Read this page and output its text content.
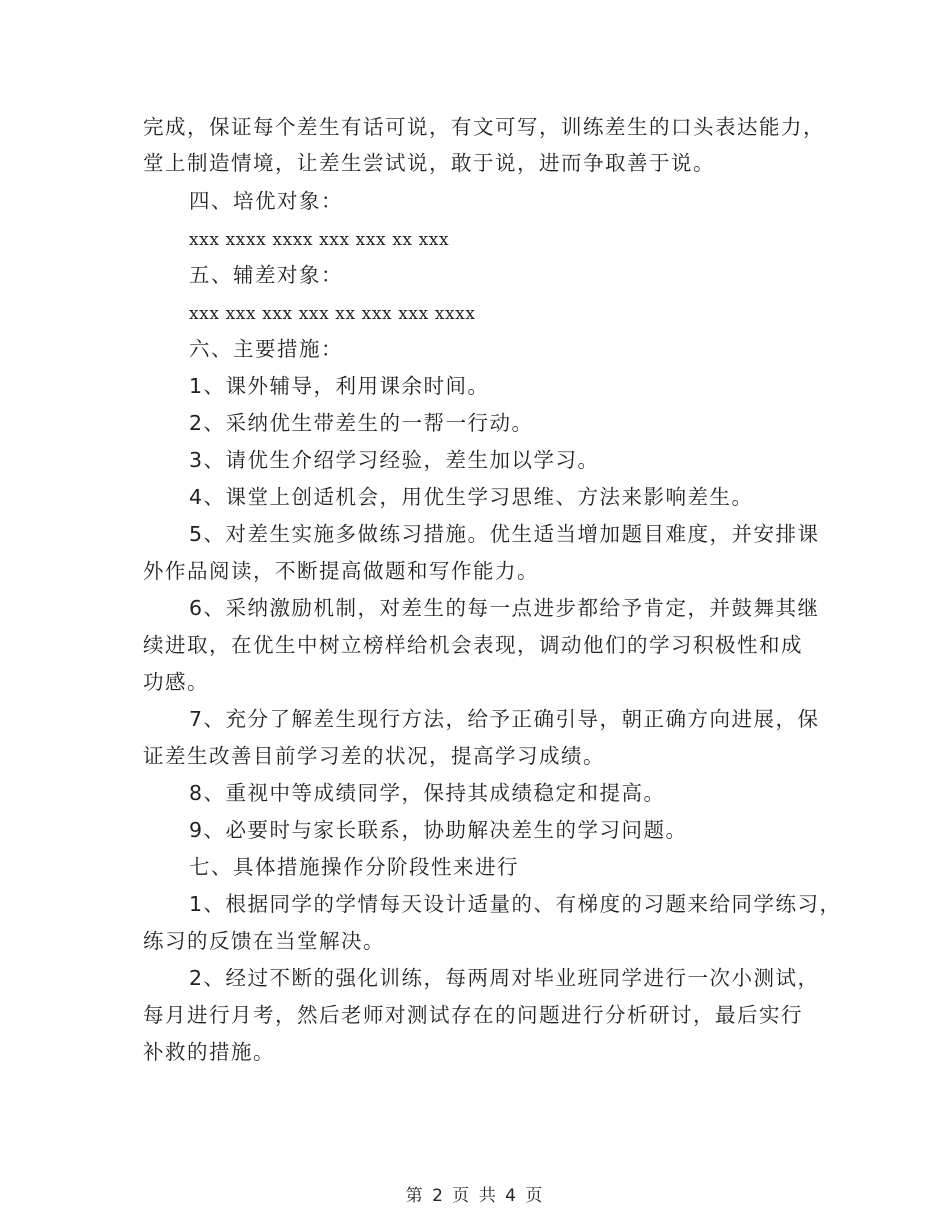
完成，保证每个差生有话可说，有文可写，训练差生的口头表达能力，
堂上制造情境，让差生尝试说，敢于说，进而争取善于说。
四、培优对象：
xxx xxxx xxxx xxx xxx xx xxx
五、辅差对象：
xxx xxx xxx xxx xx xxx xxx xxxx
六、主要措施：
1、课外辅导，利用课余时间。
2、采纳优生带差生的一帮一行动。
3、请优生介绍学习经验，差生加以学习。
4、课堂上创适机会，用优生学习思维、方法来影响差生。
5、对差生实施多做练习措施。优生适当增加题目难度，并安排课
外作品阅读，不断提高做题和写作能力。
6、采纳激励机制，对差生的每一点进步都给予肯定，并鼓舞其继
续进取，在优生中树立榜样给机会表现，调动他们的学习积极性和成
功感。
7、充分了解差生现行方法，给予正确引导，朝正确方向进展，保
证差生改善目前学习差的状况，提高学习成绩。
8、重视中等成绩同学，保持其成绩稳定和提高。
9、必要时与家长联系，协助解决差生的学习问题。
七、具体措施操作分阶段性来进行
1、根据同学的学情每天设计适量的、有梯度的习题来给同学练习，
练习的反馈在当堂解决。
2、经过不断的强化训练，每两周对毕业班同学进行一次小测试，
每月进行月考，然后老师对测试存在的问题进行分析研讨，最后实行
补救的措施。
第 2 页 共 4 页
